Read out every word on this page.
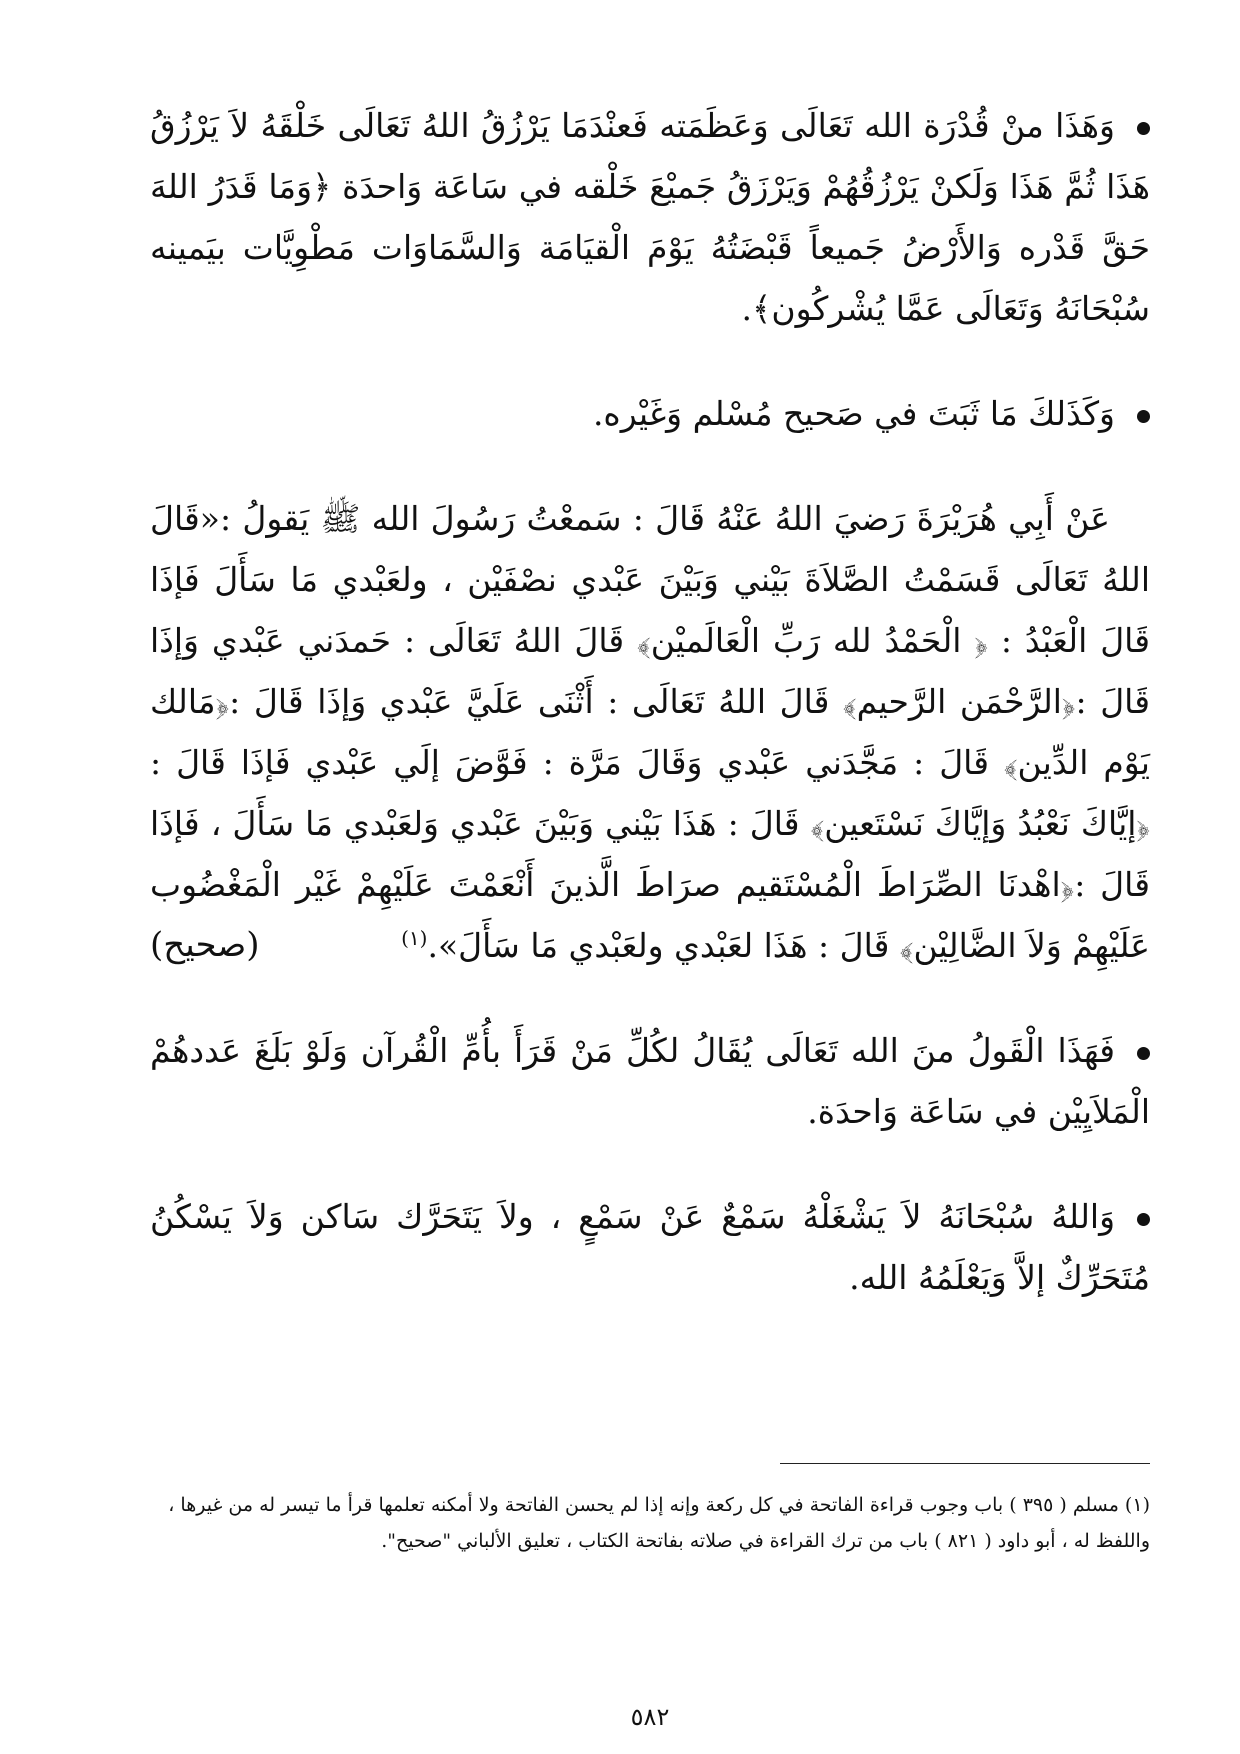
وَهَذَا منْ قُدْرَة الله تَعَالَى وَعَظَمَته فَعنْدَمَا يَرْزُقُ اللهُ تَعَالَى خَلْقَهُ لاَ يَرْزُقُ هَذَا ثُمَّ هَذَا وَلَكنْ يَرْزُقُهُمْ وَيَرْزَقُ جَميْعَ خَلْقه في سَاعَة وَاحدَة ﴿وَمَا قَدَرُ اللهَ حَقَّ قَدْره وَالأَرْضُ جَميعاً قَبْضَتُهُ يَوْمَ الْقيَامَة وَالسَّمَاوَات مَطْوِيَّات بيَمينه سُبْحَانَهُ وَتَعَالَى عَمَّا يُشْركُون﴾.

وَكَذَلكَ مَا ثَبَتَ في صَحيح مُسْلم وَغَيْره.

عَنْ أَبِي هُرَيْرَةَ رَضيَ اللهُ عَنْهُ قَالَ : سَمعْتُ رَسُولَ الله ﷺ يَقولُ :«قَالَ اللهُ تَعَالَى قَسَمْتُ الصَّلاَةَ بَيْني وَبَيْنَ عَبْدي نصْفَيْن ، ولعَبْدي مَا سَأَلَ فَإذَا قَالَ الْعَبْدُ : ﴿ الْحَمْدُ لله رَبِّ الْعَالَميْن﴾ قَالَ اللهُ تَعَالَى : حَمدَني عَبْدي وَإذَا قَالَ :﴿الرَّحْمَن الرَّحيم﴾ قَالَ اللهُ تَعَالَى : أَثْنَى عَلَيَّ عَبْدي وَإذَا قَالَ :﴿مَالك يَوْم الدِّين﴾ قَالَ : مَجَّدَني عَبْدي وَقَالَ مَرَّة : فَوَّضَ إلَي عَبْدي فَإذَا قَالَ :﴿إيَّاكَ نَعْبُدُ وَإيَّاكَ نَسْتَعين﴾ قَالَ : هَذَا بَيْني وَبَيْنَ عَبْدي وَلعَبْدي مَا سَأَلَ ، فَإذَا قَالَ :﴿اهْدنَا الصِّرَاطَ الْمُسْتَقيم صرَاطَ الَّذينَ أَنْعَمْتَ عَلَيْهِمْ غَيْر الْمَغْضُوب عَلَيْهِمْ وَلاَ الضَّالِيْن﴾ قَالَ : هَذَا لعَبْدي ولعَبْدي مَا سَأَلَ».$^{(١)}$
(صحيح)

فَهَذَا الْقَولُ منَ الله تَعَالَى يُقَالُ لكُلِّ مَنْ قَرَأَ بأُمِّ الْقُرآن وَلَوْ بَلَغَ عَددهُمْ الْمَلاَيِيْن في سَاعَة وَاحدَة.

وَاللهُ سُبْحَانَهُ لاَ يَشْغَلْهُ سَمْعٌ عَنْ سَمْعٍ ، ولاَ يَتَحَرَّك سَاكن وَلاَ يَسْكُنُ مُتَحَرِّكٌ إلاَّ وَيَعْلَمُهُ الله.

(١) مسلم ( ٣٩٥ ) باب وجوب قراءة الفاتحة في كل ركعة وإنه إذا لم يحسن الفاتحة ولا أمكنه تعلمها قرأ ما تيسر له من غيرها ،
واللفظ له ، أبو داود ( ٨٢١ ) باب من ترك القراءة في صلاته بفاتحة الكتاب ، تعليق الألباني "صحيح".
٥٨٢
